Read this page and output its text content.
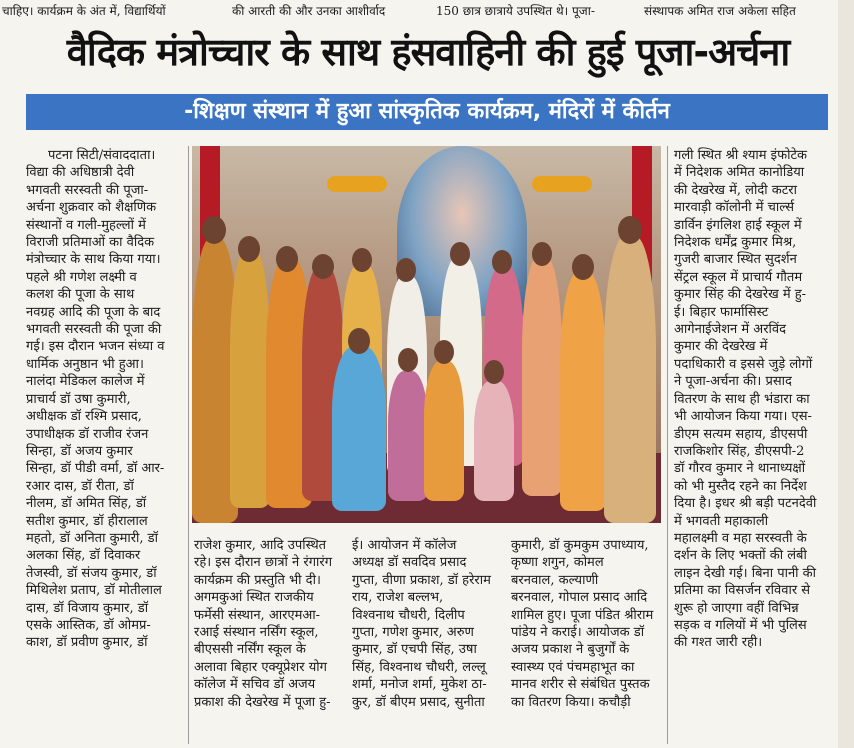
चाहिए। कार्यक्रम के अंत में, विद्यार्थियों	की आरती की और उनका आशीर्वाद	150 छात्र छात्राये उपस्थित थे। पूजा-	संस्थापक अमित राज अकेला सहित
वैदिक मंत्रोच्चार के साथ हंसवाहिनी की हुई पूजा-अर्चना
-शिक्षण संस्थान में हुआ सांस्कृतिक कार्यक्रम, मंदिरों में कीर्तन
पटना सिटी/संवाददाता।
विद्या की अधिष्ठात्री देवी
भगवती सरस्वती की पूजा-
अर्चना शुक्रवार को शैक्षणिक
संस्थानों व गली-मुहल्लों में
विराजी प्रतिमाओं का वैदिक
मंत्रोच्चार के साथ किया गया।
पहले श्री गणेश लक्ष्मी व
कलश की पूजा के साथ
नवग्रह आदि की पूजा के बाद
भगवती सरस्वती की पूजा की
गई। इस दौरान भजन संध्या व
धार्मिक अनुष्ठान भी हुआ।
नालंदा मेडिकल कालेज में
प्राचार्य डॉ उषा कुमारी,
अधीक्षक डॉ रश्मि प्रसाद,
उपाधीक्षक डॉ राजीव रंजन
सिन्हा, डॉ अजय कुमार
सिन्हा, डॉ पीडी वर्मा, डॉ आर-
रआर दास, डॉ रीता, डॉ
नीलम, डॉ अमित सिंह, डॉ
सतीश कुमार, डॉ हीरालाल
महतो, डॉ अनिता कुमारी, डॉ
अलका सिंह, डॉ दिवाकर
तेजस्वी, डॉ संजय कुमार, डॉ
मिथिलेश प्रताप, डॉ मोतीलाल
दास, डॉ विजाय कुमार, डॉ
एसके आस्तिक, डॉ ओमप्र-
काश, डॉ प्रवीण कुमार, डॉ
राजेश कुमार, आदि उपस्थित
रहे। इस दौरान छात्रों ने रंगारंग
कार्यक्रम की प्रस्तुति भी दी।
अगमकुआं स्थित राजकीय
फर्मेसी संस्थान, आरएमआ-
रआई संस्थान नर्सिंग स्कूल,
बीएससी नर्सिंग स्कूल के
अलावा बिहार एक्यूप्रेशर योग
कॉलेज में सचिव डॉ अजय
प्रकाश की देखरेख में पूजा हु-
ई। आयोजन में कॉलेज
अध्यक्ष डॉ सवदिव प्रसाद
गुप्ता, वीणा प्रकाश, डॉ हरेराम
राय, राजेश बल्लभ,
विश्वनाथ चौधरी, दिलीप
गुप्ता, गणेश कुमार, अरुण
कुमार, डॉ एचपी सिंह, उषा
सिंह, विश्वनाथ चौधरी, लल्लू
शर्मा, मनोज शर्मा, मुकेश ठा-
कुर, डॉ बीएम प्रसाद, सुनीता
कुमारी, डॉ कुमकुम उपाध्याय,
कृष्णा शगुन, कोमल
बरनवाल, कल्याणी
बरनवाल, गोपाल प्रसाद आदि
शामिल हुए। पूजा पंडित श्रीराम
पांडेय ने कराई। आयोजक डॉ
अजय प्रकाश ने बुजुर्गों के
स्वास्थ्य एवं पंचमहाभूत का
मानव शरीर से संबंधित पुस्तक
का वितरण किया। कचौड़ी
गली स्थित श्री श्याम इंफोटेक
में निदेशक अमित कानोडिया
की देखरेख में, लोदी कटरा
मारवाड़ी कॉलोनी में चार्ल्स
डार्विन इंगलिश हाई स्कूल में
निदेशक धर्मेंद्र कुमार मिश्र,
गुजरी बाजार स्थित सुदर्शन
सेंट्रल स्कूल में प्राचार्य गौतम
कुमार सिंह की देखरेख में हु-
ई। बिहार फार्मासिस्ट
आगेनाईजेशन में अरविंद
कुमार की देखरेख में
पदाधिकारी व इससे जुड़े लोगों
ने पूजा-अर्चना की। प्रसाद
वितरण के साथ ही भंडारा का
भी आयोजन किया गया। एस-
डीएम सत्यम सहाय, डीएसपी
राजकिशोर सिंह, डीएसपी-2
डॉ गौरव कुमार ने थानाध्यक्षों
को भी मुस्तैद रहने का निर्देश
दिया है। इधर श्री बड़ी पटनदेवी
में भगवती महाकाली
महालक्ष्मी व महा सरस्वती के
दर्शन के लिए भक्तों की लंबी
लाइन देखी गई। बिना पानी की
प्रतिमा का विसर्जन रविवार से
शुरू हो जाएगा वहीं विभिन्न
सड़क व गलियों में भी पुलिस
की गश्त जारी रही।
